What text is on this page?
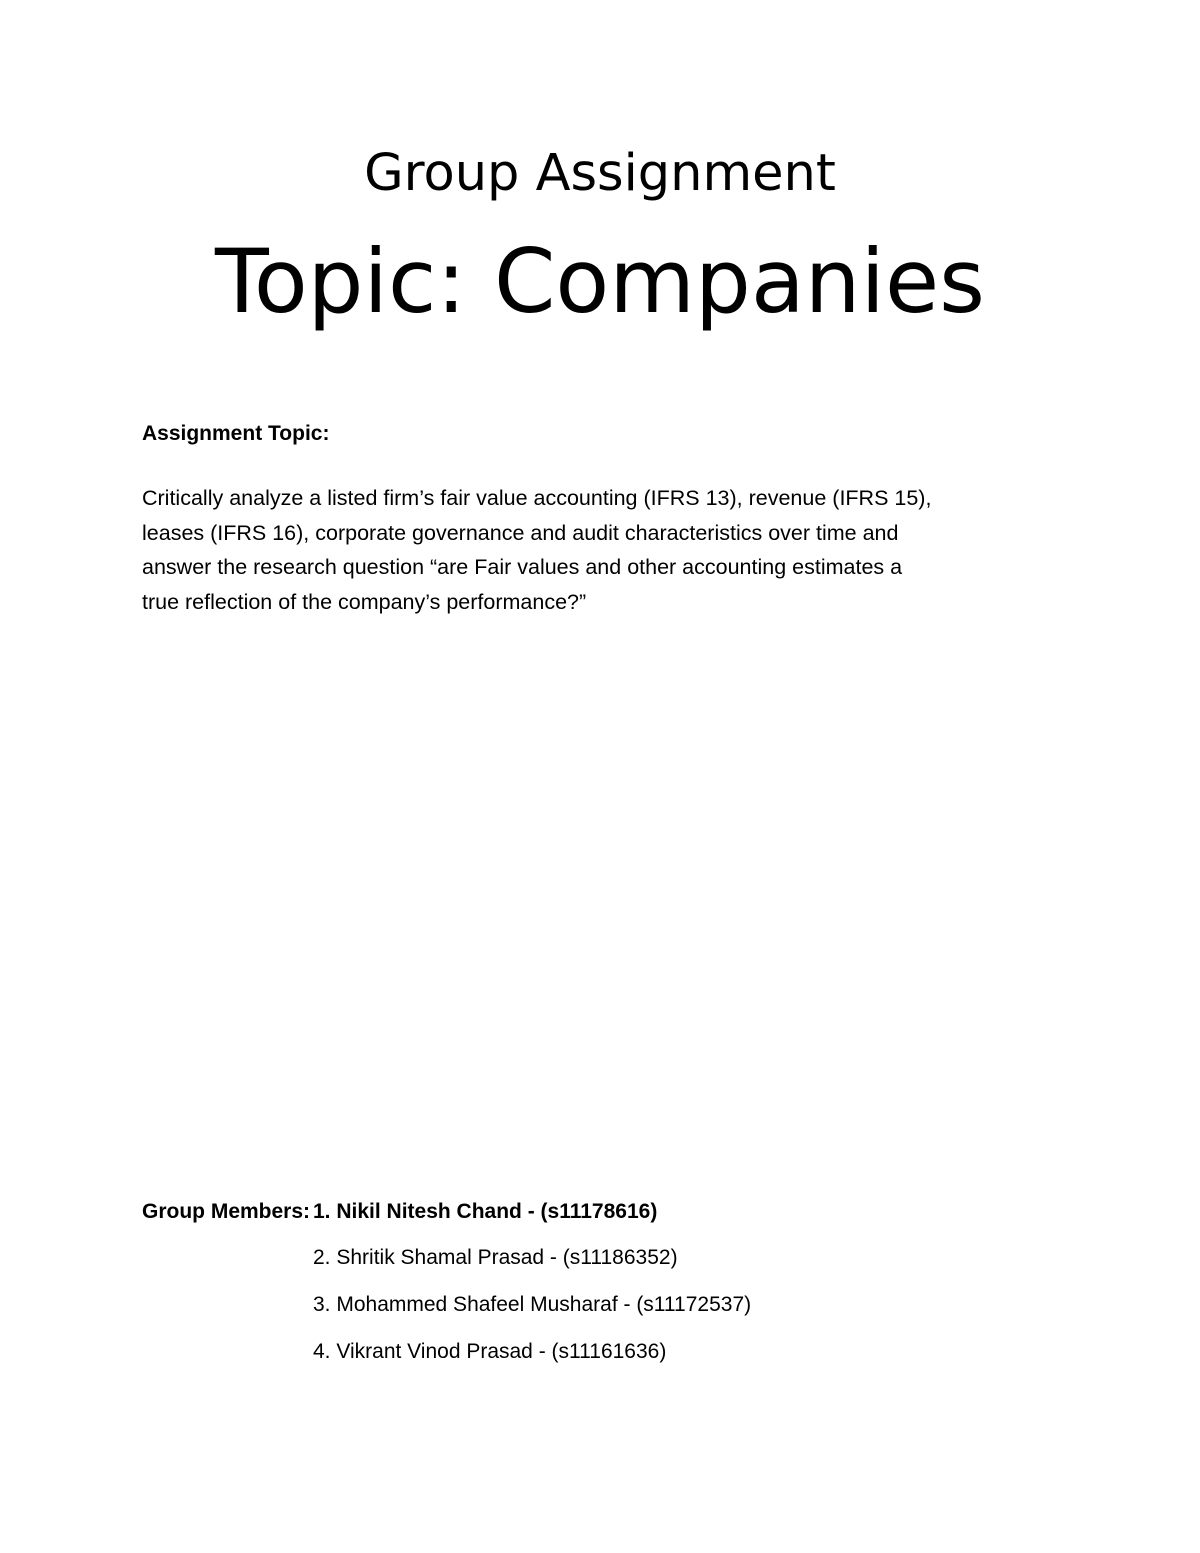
Group Assignment
Topic: Companies
Assignment Topic:
Critically analyze a listed firm’s fair value accounting (IFRS 13), revenue (IFRS 15),
leases (IFRS 16), corporate governance and audit characteristics over time and
answer the research question “are Fair values and other accounting estimates a
true reflection of the company’s performance?”
Group Members: 1. Nikil Nitesh Chand - (s11178616)
2. Shritik Shamal Prasad - (s11186352)
3. Mohammed Shafeel Musharaf - (s11172537)
4. Vikrant Vinod Prasad - (s11161636)
